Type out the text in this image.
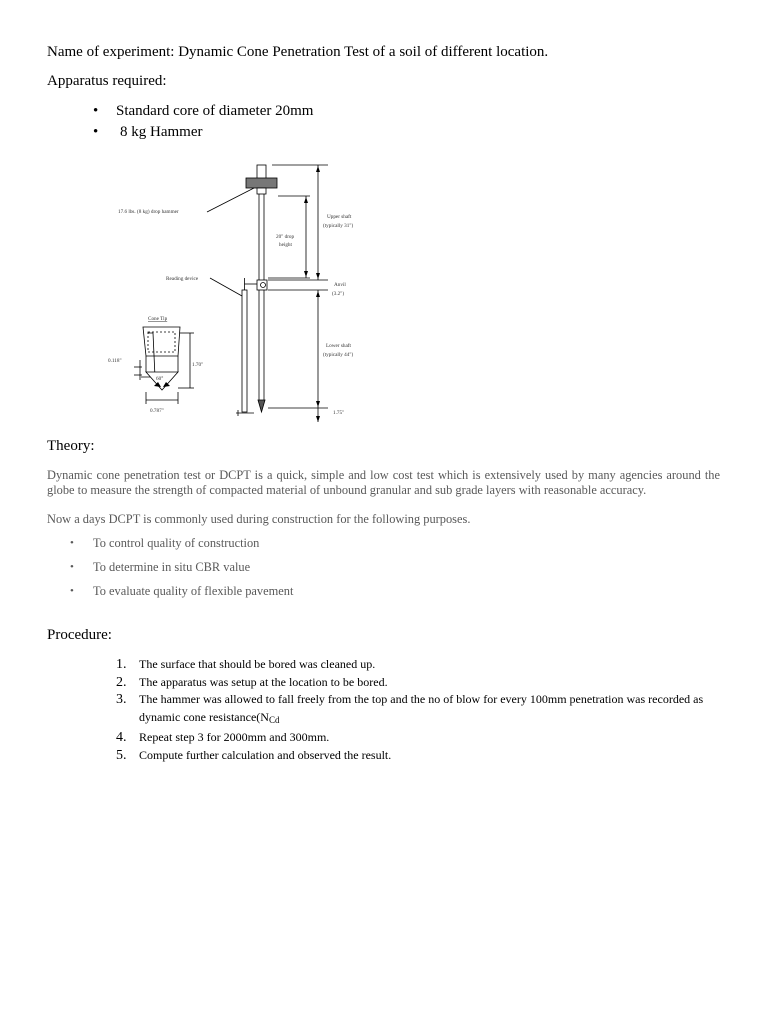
Name of experiment: Dynamic Cone Penetration Test of a soil of different location.
Apparatus required:
• Standard core of diameter 20mm
• 8 kg Hammer
17.6 lbs. (8 kg) drop hammer
20" drop
height
Upper shaft
(typically 31")
Reading device
Anvil
(3.2")
Cone Tip
Lower shaft
(typically 44")
0.118"
1.70"
60°
0.787"	1.75"
Theory:
Dynamic cone penetration test or DCPT is a quick, simple and low cost test which is extensively used by many agencies around the globe to measure the strength of compacted material of unbound granular and sub grade layers with reasonable accuracy.
Now a days DCPT is commonly used during construction for the following purposes.
• To control quality of construction
• To determine in situ CBR value
• To evaluate quality of flexible pavement
Procedure:
1. The surface that should be bored was cleaned up.
2. The apparatus was setup at the location to be bored.
3. The hammer was allowed to fall freely from the top and the no of blow for every 100mm penetration was recorded as dynamic cone $resistance(N_{Cd}$
4. Repeat step 3 for 2000mm and 300mm.
5. Compute further calculation and observed the result.
